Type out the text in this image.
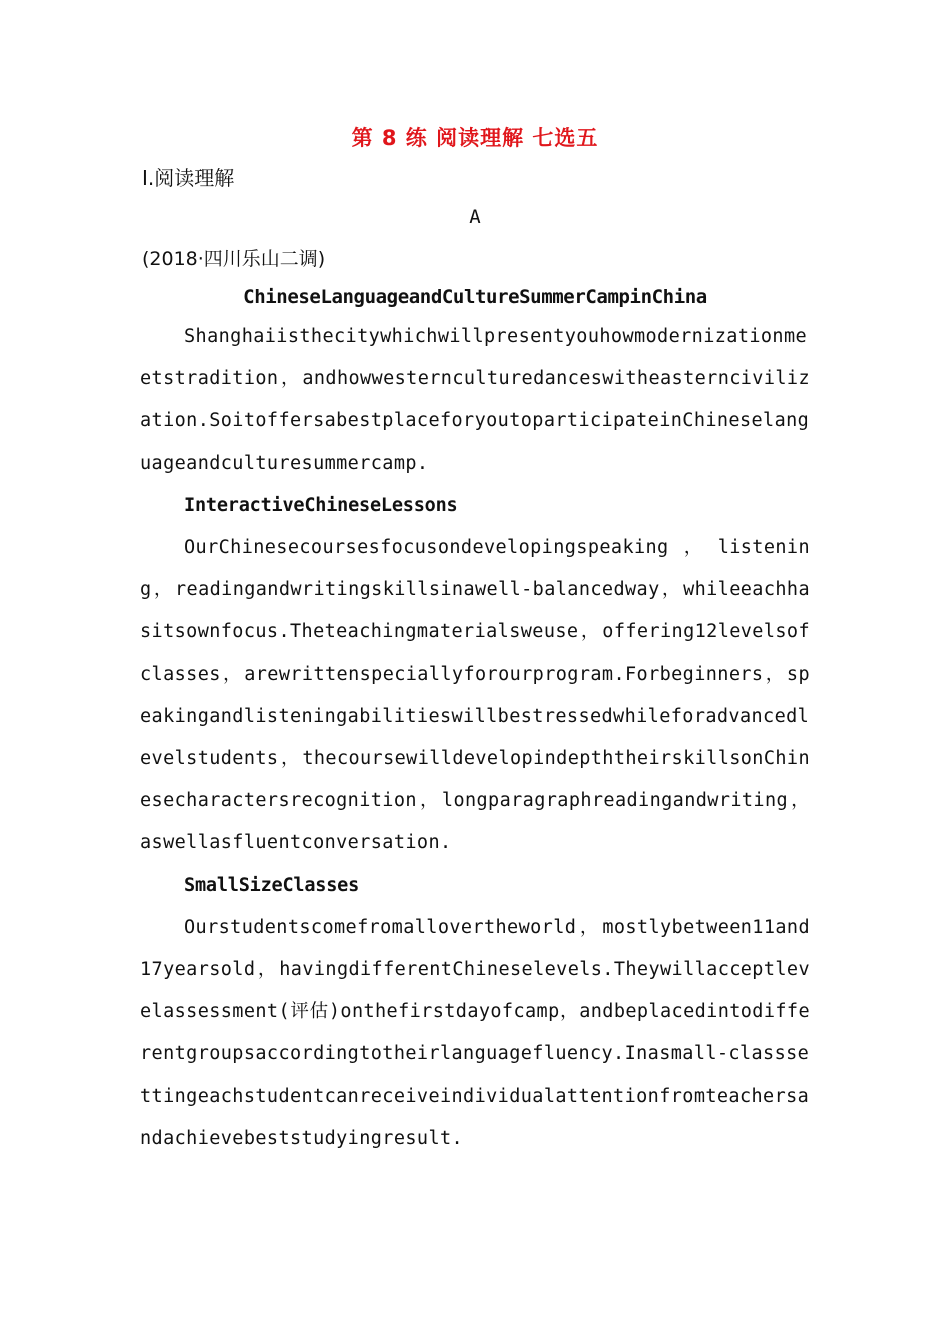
第 8 练 阅读理解 七选五
Ⅰ.阅读理解
A
(2018·四川乐山二调)
ChineseLanguageandCultureSummerCampinChina

Shanghaiisthecitywhichwillpresentyouhowmodernizationmeetstradition，andhowwesternculturedanceswitheasterncivilization.SoitoffersabestplaceforyoutoparticipateinChineselanguageandculturesummercamp.

InteractiveChineseLessons

OurChinesecoursesfocusondevelopingspeaking，listening，readingandwritingskillsinawell-balancedway，whileeachhasitsownfocus.Theteachingmaterialsweuse，offering12levelsofclasses，arewrittenspeciallyforourprogram.Forbeginners，speakingandlisteningabilitieswillbestressedwhileforadvancedlevelstudents，thecoursewilldevelopindepththeirskillsonChinesecharactersrecognition，longparagraphreadingandwriting，aswellasfluentconversation.

SmallSizeClasses

Ourstudentscomefromallovertheworld，mostlybetween11and17yearsold，havingdifferentChineselevels.Theywillacceptlevelassessment(评估)onthefirstdayofcamp，andbeplacedintodifferentgroupsaccordingtotheirlanguagefluency.Inasmall-classsettingeachstudentcanreceiveindividualattentionfromteachersandachievebeststudyingresult.
